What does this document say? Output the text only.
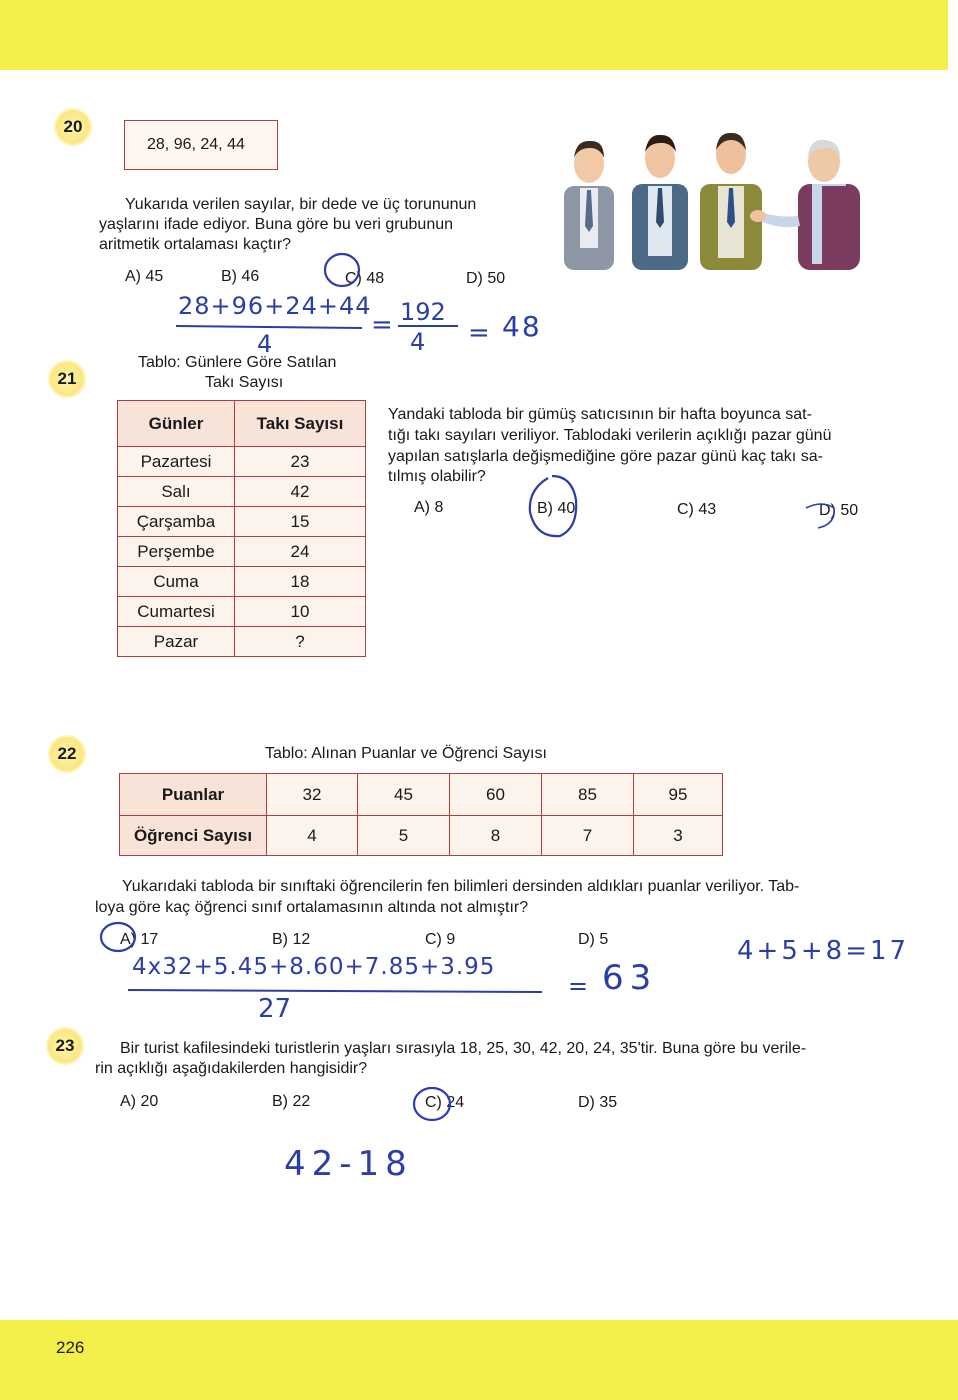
226
20
28, 96, 24, 44
Yukarıda verilen sayılar, bir dede ve üç torununun
yaşlarını ifade ediyor. Buna göre bu veri grubunun
aritmetik ortalaması kaçtır?
A) 45	B) 46	C) 48	D) 50
28+96+24+44
4
= 192
4 = 48
21
Tablo: Günlere Göre Satılan
Takı Sayısı
Günler	Takı Sayısı
Pazartesi	23
Salı	42
Çarşamba	15
Perşembe	24
Cuma	18
Cumartesi	10
Pazar	?
Yandaki tabloda bir gümüş satıcısının bir hafta boyunca sat-
tığı takı sayıları veriliyor. Tablodaki verilerin açıklığı pazar günü
yapılan satışlarla değişmediğine göre pazar günü kaç takı sa-
tılmış olabilir?
A) 8	B) 40	C) 43	D) 50
22	Tablo: Alınan Puanlar ve Öğrenci Sayısı
Puanlar	32	45	60	85	95
Öğrenci Sayısı	4	5	8	7	3
Yukarıdaki tabloda bir sınıftaki öğrencilerin fen bilimleri dersinden aldıkları puanlar veriliyor. Tab-
loya göre kaç öğrenci sınıf ortalamasının altında not almıştır?
A) 17	B) 12	C) 9	D) 5	4+5+8=17
4x32+5.45+8.60+7.85+3.95
27
= 63
23	Bir turist kafilesindeki turistlerin yaşları sırasıyla 18, 25, 30, 42, 20, 24, 35'tir. Buna göre bu verile-
rin açıklığı aşağıdakilerden hangisidir?
A) 20	B) 22	C) 24	D) 35
42-18
